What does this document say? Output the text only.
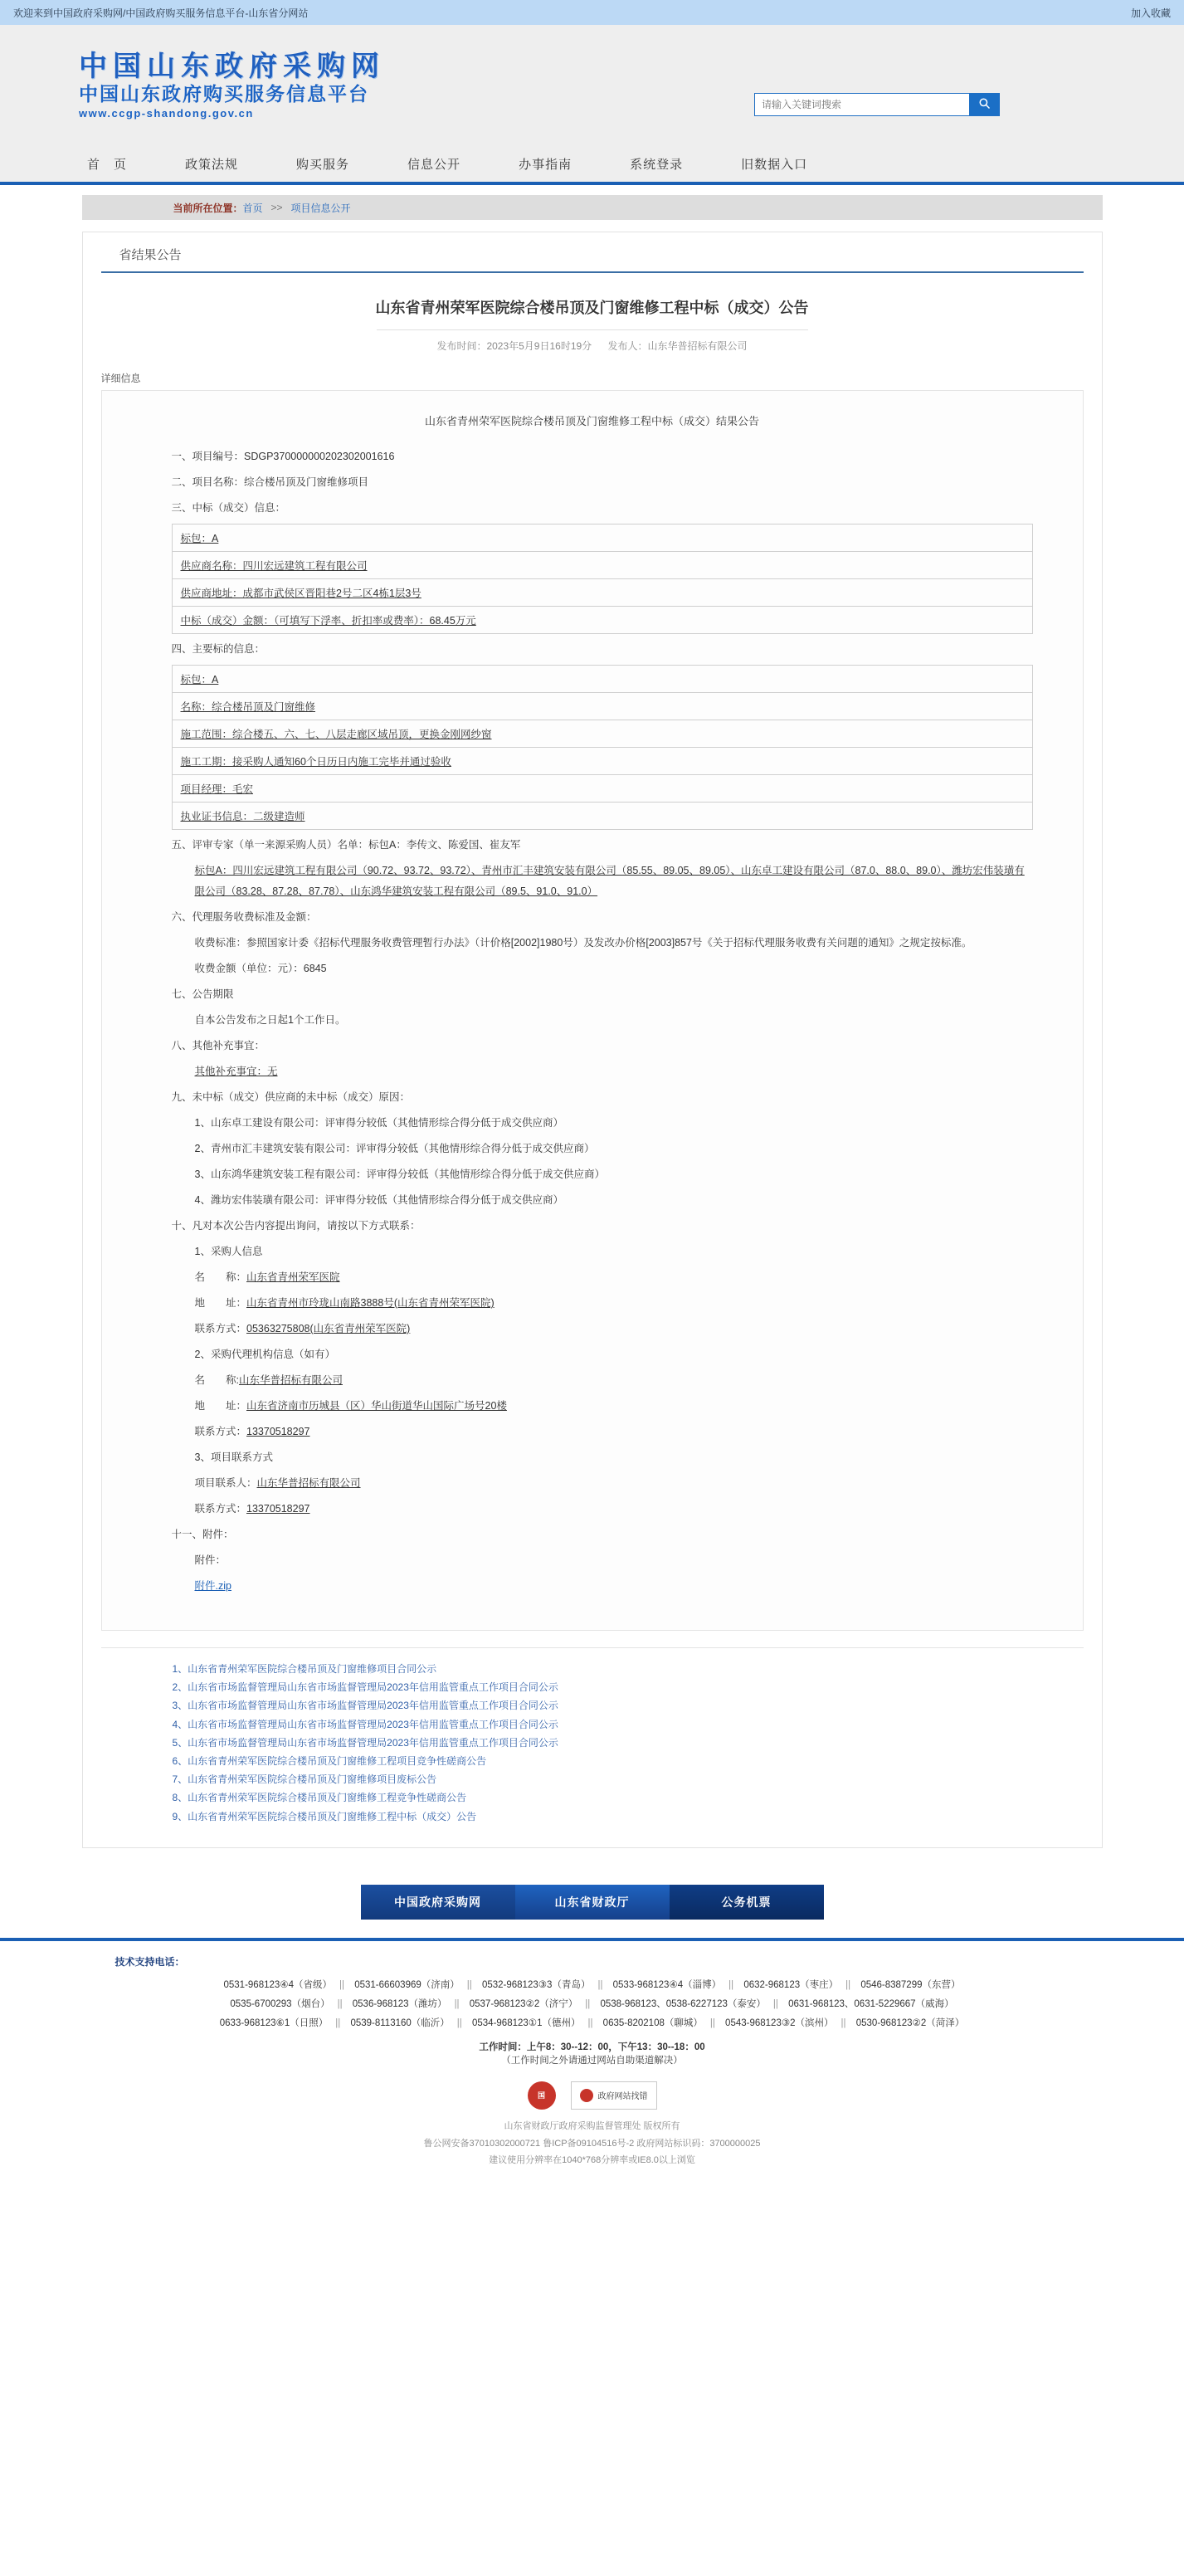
欢迎来到中国政府采购网/中国政府购买服务信息平台-山东省分网站	加入收藏
中国山东政府采购网
中国山东政府购买服务信息平台
www.ccgp-shandong.gov.cn
请输入关键词搜索
首　页	政策法规	购买服务	信息公开	办事指南	系统登录	旧数据入口
当前所在位置： 首页 >> 项目信息公开
省结果公告
山东省青州荣军医院综合楼吊顶及门窗维修工程中标（成交）公告
发布时间：2023年5月9日16时19分 发布人：山东华普招标有限公司
详细信息
山东省青州荣军医院综合楼吊顶及门窗维修工程中标（成交）结果公告

一、项目编号：SDGP370000000202302001616

二、项目名称：综合楼吊顶及门窗维修项目

三、中标（成交）信息：

标包：A
供应商名称：四川宏远建筑工程有限公司
供应商地址：成都市武侯区晋阳巷2号二区4栋1层3号
中标（成交）金额：（可填写下浮率、折扣率或费率）：68.45万元

四、主要标的信息：

标包：A
名称：综合楼吊顶及门窗维修
施工范围：综合楼五、六、七、八层走廊区域吊顶，更换金刚网纱窗
施工工期：接采购人通知60个日历日内施工完毕并通过验收
项目经理：毛宏
执业证书信息：二级建造师

五、评审专家（单一来源采购人员）名单：标包A：李传文、陈爱国、崔友军

标包A：四川宏远建筑工程有限公司（90.72、93.72、93.72）、青州市汇丰建筑安装有限公司（85.55、89.05、89.05）、山东卓工建设有限公司（87.0、88.0、89.0）、潍坊宏伟装璜有限公司（83.28、87.28、87.78）、山东鸿华建筑安装工程有限公司（89.5、91.0、91.0）

六、代理服务收费标准及金额：

收费标准：参照国家计委《招标代理服务收费管理暂行办法》（计价格[2002]1980号）及发改办价格[2003]857号《关于招标代理服务收费有关问题的通知》之规定按标准。

收费金额（单位：元）：6845

七、公告期限

自本公告发布之日起1个工作日。

八、其他补充事宜：

其他补充事宜：无

九、未中标（成交）供应商的未中标（成交）原因：

1、山东卓工建设有限公司：评审得分较低（其他情形综合得分低于成交供应商）

2、青州市汇丰建筑安装有限公司：评审得分较低（其他情形综合得分低于成交供应商）

3、山东鸿华建筑安装工程有限公司：评审得分较低（其他情形综合得分低于成交供应商）

4、潍坊宏伟装璜有限公司：评审得分较低（其他情形综合得分低于成交供应商）

十、凡对本次公告内容提出询问，请按以下方式联系：

1、采购人信息

名　　称：山东省青州荣军医院

地　　址：山东省青州市玲珑山南路3888号(山东省青州荣军医院)

联系方式：05363275808(山东省青州荣军医院)

2、采购代理机构信息（如有）

名　　称:山东华普招标有限公司

地　　址：山东省济南市历城县（区）华山街道华山国际广场号20楼

联系方式：13370518297

3、项目联系方式

项目联系人：山东华普招标有限公司

联系方式：13370518297

十一、附件：

附件：

附件.zip

1、山东省青州荣军医院综合楼吊顶及门窗维修项目合同公示
2、山东省市场监督管理局山东省市场监督管理局2023年信用监管重点工作项目合同公示
3、山东省市场监督管理局山东省市场监督管理局2023年信用监管重点工作项目合同公示
4、山东省市场监督管理局山东省市场监督管理局2023年信用监管重点工作项目合同公示
5、山东省市场监督管理局山东省市场监督管理局2023年信用监管重点工作项目合同公示
6、山东省青州荣军医院综合楼吊顶及门窗维修工程项目竞争性磋商公告
7、山东省青州荣军医院综合楼吊顶及门窗维修项目废标公告
8、山东省青州荣军医院综合楼吊顶及门窗维修工程竞争性磋商公告
9、山东省青州荣军医院综合楼吊顶及门窗维修工程中标（成交）公告
中国政府采购网	山东省财政厅	公务机票
技术支持电话：
0531-968123④4（省级） || 0531-66603969（济南） || 0532-968123③3（青岛） || 0533-968123④4（淄博） || 0632-968123（枣庄） || 0546-8387299（东营）
0535-6700293（烟台） || 0536-968123（潍坊） || 0537-968123②2（济宁） || 0538-968123、0538-6227123（泰安） || 0631-968123、0631-5229667（威海）
0633-968123⑥1（日照） || 0539-8113160（临沂） || 0534-968123①1（德州） || 0635-8202108（聊城） || 0543-968123③2（滨州） || 0530-968123②2（菏泽）
工作时间：上午8：30--12：00，下午13：30--18：00
（工作时间之外请通过网站自助渠道解决）
国	政府网站找错
山东省财政厅政府采购监督管理处 版权所有
鲁公网安备37010302000721 鲁ICP备09104516号-2 政府网站标识码：3700000025
建议使用分辨率在1040*768分辨率或IE8.0以上浏览
